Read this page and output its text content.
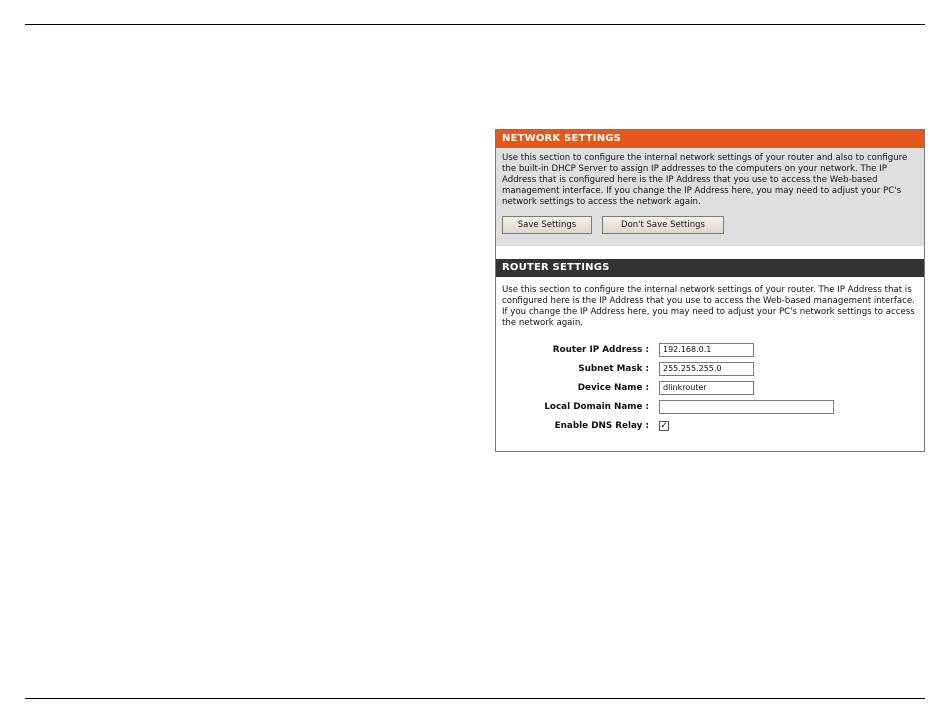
NETWORK SETTINGS
Use this section to configure the internal network settings of your router and also to configure the built-in DHCP Server to assign IP addresses to the computers on your network. The IP Address that is configured here is the IP Address that you use to access the Web-based management interface. If you change the IP Address here, you may need to adjust your PC's network settings to access the network again.
Save Settings	Don't Save Settings
ROUTER SETTINGS
Use this section to configure the internal network settings of your router. The IP Address that is configured here is the IP Address that you use to access the Web-based management interface. If you change the IP Address here, you may need to adjust your PC's network settings to access the network again.
Router IP Address :	192.168.0.1
Subnet Mask :	255.255.255.0
Device Name :	dlinkrouter
Local Domain Name :
Enable DNS Relay :	✓
